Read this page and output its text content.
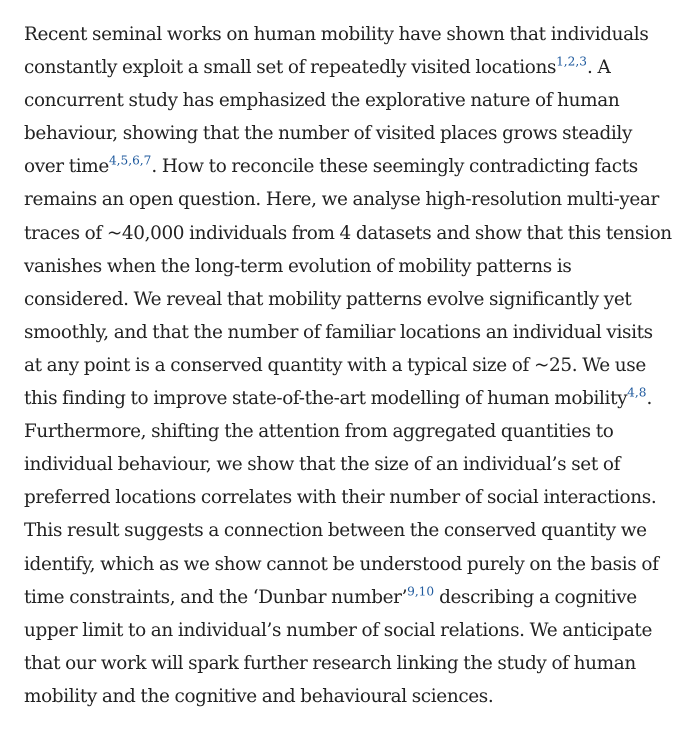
Recent seminal works on human mobility have shown that individuals
constantly exploit a small set of repeatedly visited locations$^{1,2,3}$. A
concurrent study has emphasized the explorative nature of human
behaviour, showing that the number of visited places grows steadily
over time$^{4,5,6,7}$. How to reconcile these seemingly contradicting facts
remains an open question. Here, we analyse high-resolution multi-year
traces of ~40,000 individuals from 4 datasets and show that this tension
vanishes when the long-term evolution of mobility patterns is
considered. We reveal that mobility patterns evolve significantly yet
smoothly, and that the number of familiar locations an individual visits
at any point is a conserved quantity with a typical size of ~25. We use
this finding to improve state-of-the-art modelling of human mobility$^{4,8}$.
Furthermore, shifting the attention from aggregated quantities to
individual behaviour, we show that the size of an individual’s set of
preferred locations correlates with their number of social interactions.
This result suggests a connection between the conserved quantity we
identify, which as we show cannot be understood purely on the basis of
time constraints, and the ‘Dunbar number’$^{9,10}$ describing a cognitive
upper limit to an individual’s number of social relations. We anticipate
that our work will spark further research linking the study of human
mobility and the cognitive and behavioural sciences.
